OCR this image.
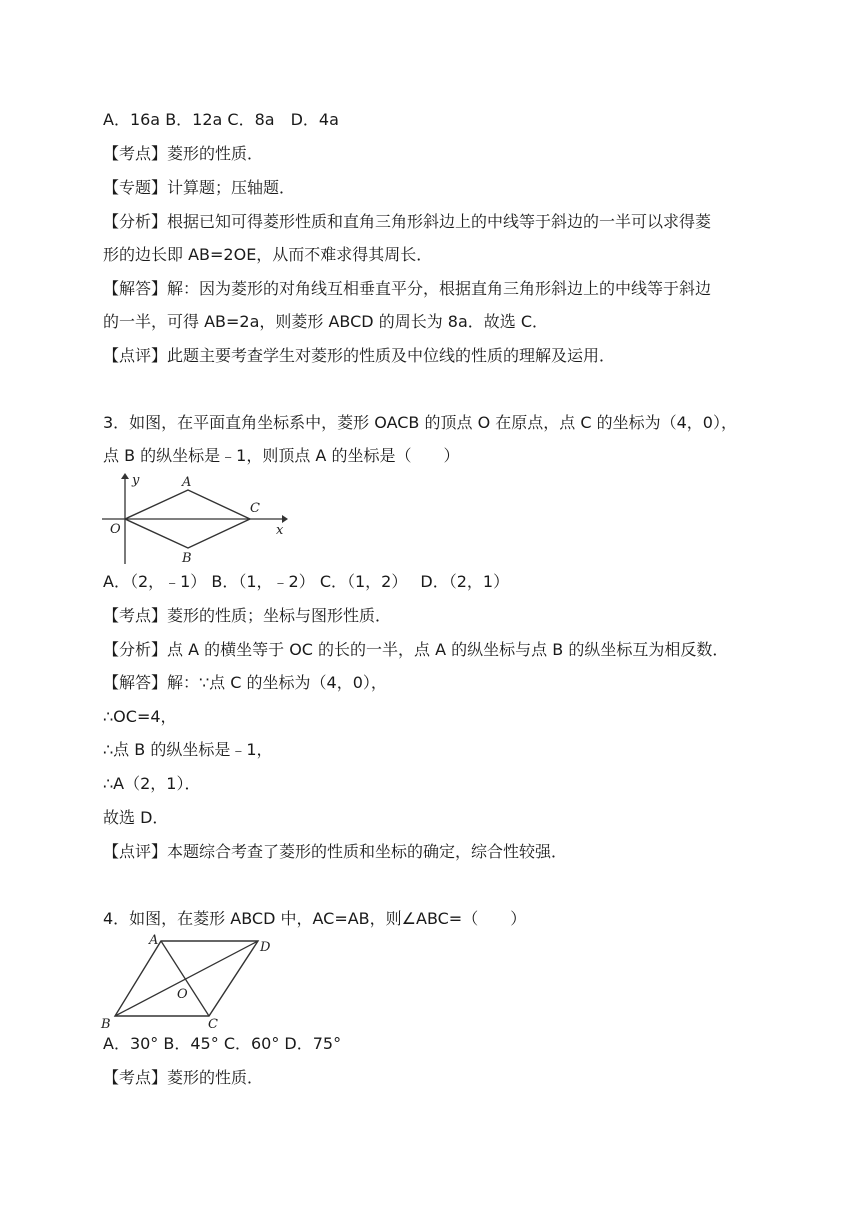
A．16a B．12a C．8a　D．4a
【考点】菱形的性质．
【专题】计算题；压轴题．
【分析】根据已知可得菱形性质和直角三角形斜边上的中线等于斜边的一半可以求得菱
形的边长即 AB=2OE，从而不难求得其周长．
【解答】解：因为菱形的对角线互相垂直平分，根据直角三角形斜边上的中线等于斜边
的一半，可得 AB=2a，则菱形 ABCD 的周长为 8a．故选 C．
【点评】此题主要考查学生对菱形的性质及中位线的性质的理解及运用．
3．如图，在平面直角坐标系中，菱形 OACB 的顶点 O 在原点，点 C 的坐标为（4，0），
点 B 的纵坐标是﹣1，则顶点 A 的坐标是（　　）
y
x
O
A
B
C
A．（2，﹣1） B．（1，﹣2） C．（1，2）　 D．（2，1）
【考点】菱形的性质；坐标与图形性质．
【分析】点 A 的横坐等于 OC 的长的一半，点 A 的纵坐标与点 B 的纵坐标互为相反数．
【解答】解：∵点 C 的坐标为（4，0），
∴OC=4，
∴点 B 的纵坐标是﹣1，
∴A（2，1）．
故选 D．
【点评】本题综合考查了菱形的性质和坐标的确定，综合性较强．
4．如图，在菱形 ABCD 中，AC=AB，则∠ABC=（　　）
A	D
O
B	C
A．30° B．45° C．60° D．75°
【考点】菱形的性质．
